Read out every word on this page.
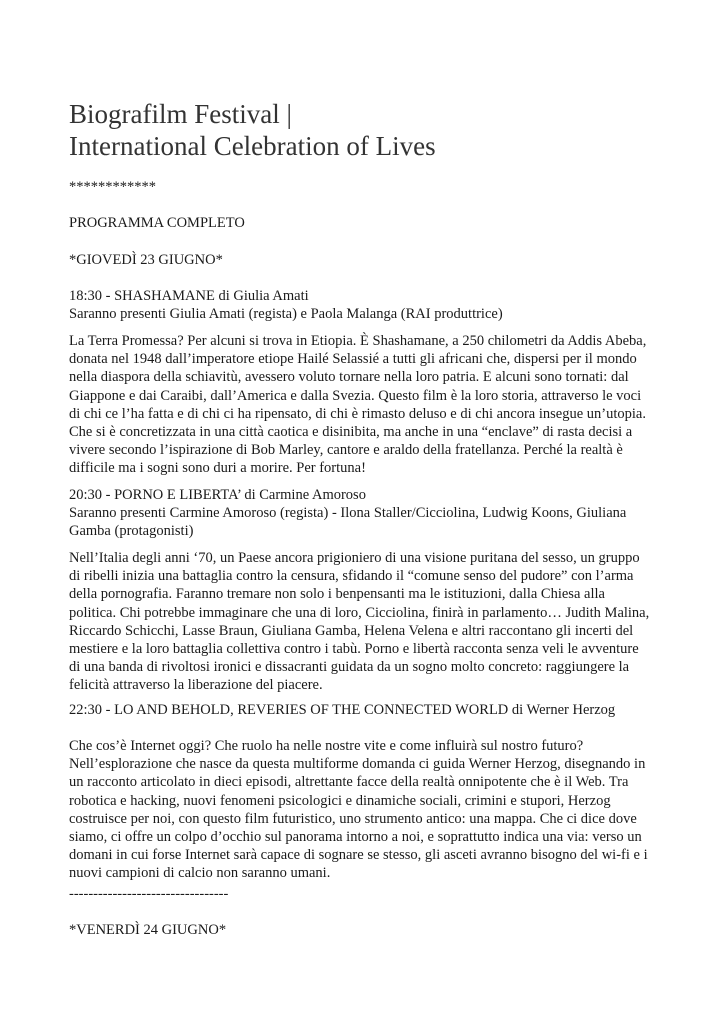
Biografilm Festival |
International Celebration of Lives
************
PROGRAMMA COMPLETO
*GIOVEDÌ 23 GIUGNO*
18:30 - SHASHAMANE di Giulia Amati
Saranno presenti Giulia Amati (regista) e Paola Malanga (RAI produttrice)
La Terra Promessa? Per alcuni si trova in Etiopia. È Shashamane, a 250 chilometri da Addis Abeba,
donata nel 1948 dall’imperatore etiope Hailé Selassié a tutti gli africani che, dispersi per il mondo
nella diaspora della schiavitù, avessero voluto tornare nella loro patria. E alcuni sono tornati: dal
Giappone e dai Caraibi, dall’America e dalla Svezia. Questo film è la loro storia, attraverso le voci
di chi ce l’ha fatta e di chi ci ha ripensato, di chi è rimasto deluso e di chi ancora insegue un’utopia.
Che si è concretizzata in una città caotica e disinibita, ma anche in una “enclave” di rasta decisi a
vivere secondo l’ispirazione di Bob Marley, cantore e araldo della fratellanza. Perché la realtà è
difficile ma i sogni sono duri a morire. Per fortuna!
20:30 - PORNO E LIBERTA’ di Carmine Amoroso
Saranno presenti Carmine Amoroso (regista) - Ilona Staller/Cicciolina, Ludwig Koons, Giuliana
Gamba (protagonisti)
Nell’Italia degli anni ‘70, un Paese ancora prigioniero di una visione puritana del sesso, un gruppo
di ribelli inizia una battaglia contro la censura, sfidando il “comune senso del pudore” con l’arma
della pornografia. Faranno tremare non solo i benpensanti ma le istituzioni, dalla Chiesa alla
politica. Chi potrebbe immaginare che una di loro, Cicciolina, finirà in parlamento… Judith Malina,
Riccardo Schicchi, Lasse Braun, Giuliana Gamba, Helena Velena e altri raccontano gli incerti del
mestiere e la loro battaglia collettiva contro i tabù. Porno e libertà racconta senza veli le avventure
di una banda di rivoltosi ironici e dissacranti guidata da un sogno molto concreto: raggiungere la
felicità attraverso la liberazione del piacere.
22:30 - LO AND BEHOLD, REVERIES OF THE CONNECTED WORLD di Werner Herzog
Che cos’è Internet oggi? Che ruolo ha nelle nostre vite e come influirà sul nostro futuro?
Nell’esplorazione che nasce da questa multiforme domanda ci guida Werner Herzog, disegnando in
un racconto articolato in dieci episodi, altrettante facce della realtà onnipotente che è il Web. Tra
robotica e hacking, nuovi fenomeni psicologici e dinamiche sociali, crimini e stupori, Herzog
costruisce per noi, con questo film futuristico, uno strumento antico: una mappa. Che ci dice dove
siamo, ci offre un colpo d’occhio sul panorama intorno a noi, e soprattutto indica una via: verso un
domani in cui forse Internet sarà capace di sognare se stesso, gli asceti avranno bisogno del wi-fi e i
nuovi campioni di calcio non saranno umani.
---------------------------------
*VENERDÌ 24 GIUGNO*
